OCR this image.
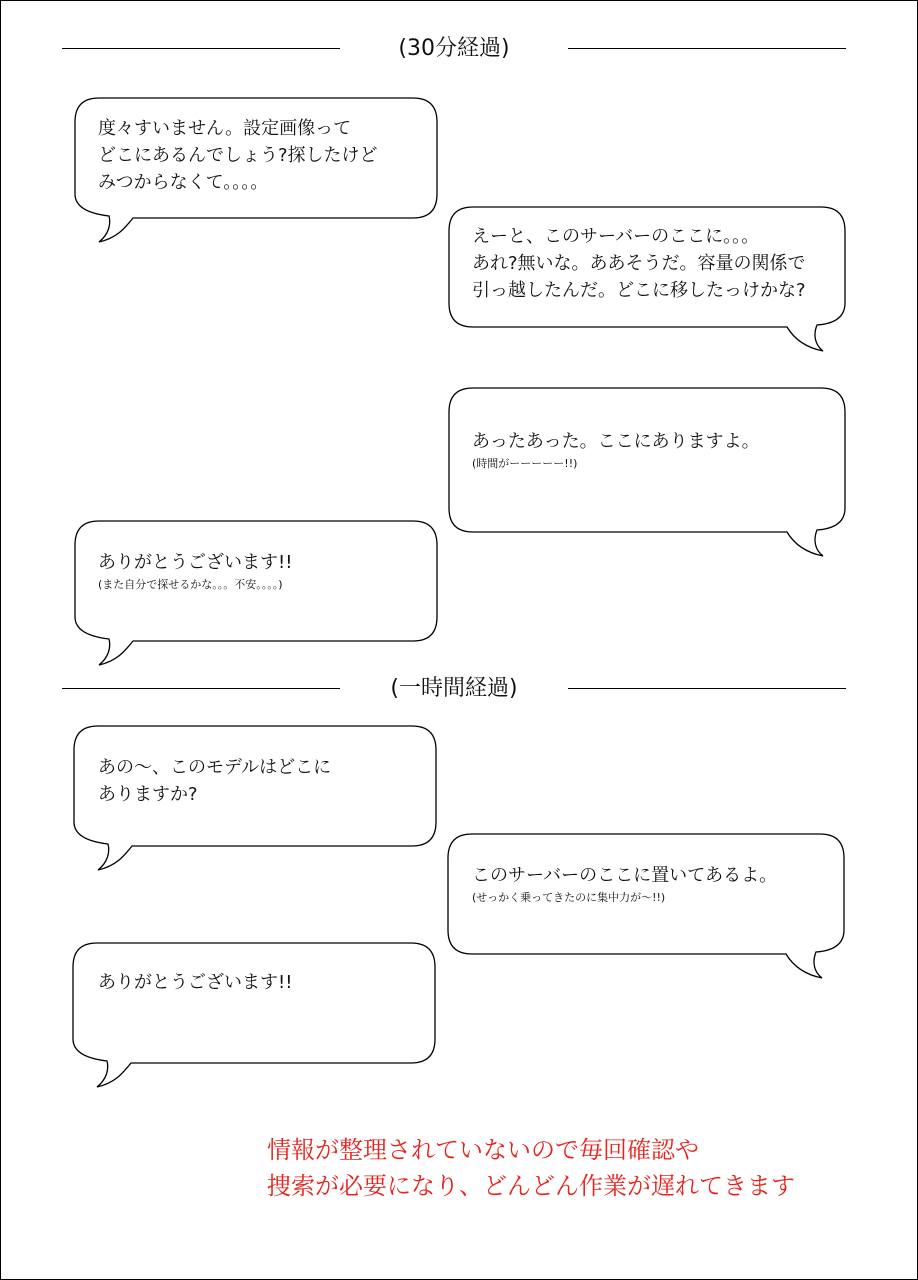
(30分経過)
度々すいません。設定画像って
どこにあるんでしょう?探したけど
みつからなくて。。。。
えーと、このサーバーのここに。。。
あれ?無いな。ああそうだ。容量の関係で
引っ越したんだ。どこに移したっけかな?
あったあった。ここにありますよ。
(時間がーーーーー!!)
ありがとうございます!!
(また自分で探せるかな。。。不安。。。。)
(一時間経過)
あの〜、このモデルはどこに
ありますか?
このサーバーのここに置いてあるよ。
(せっかく乗ってきたのに集中力が〜!!)
ありがとうございます!!
情報が整理されていないので毎回確認や
捜索が必要になり、どんどん作業が遅れてきます
